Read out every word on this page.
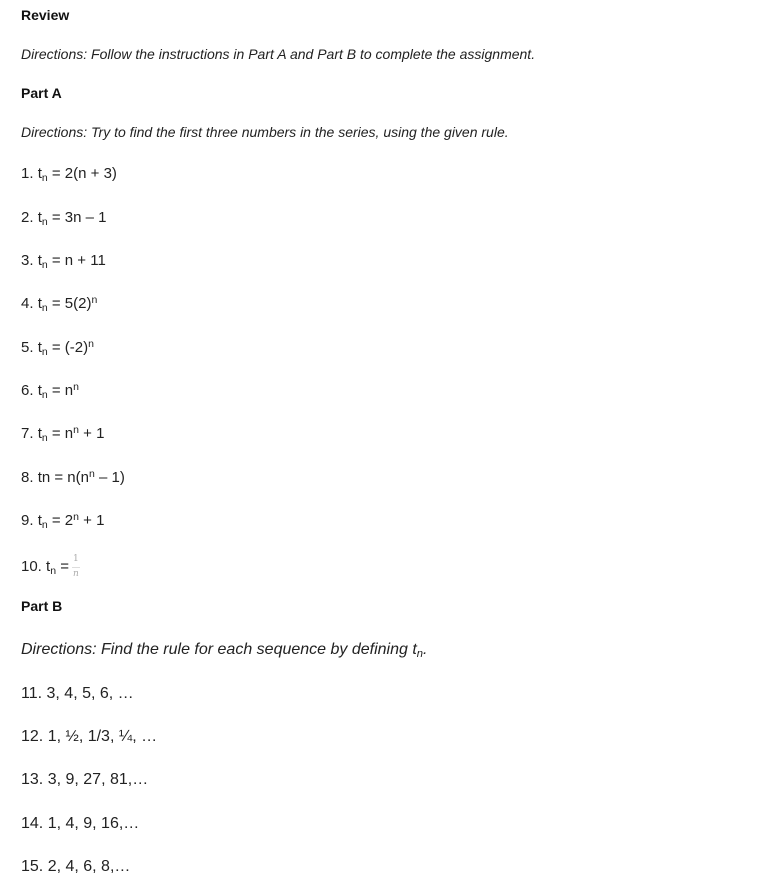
Review
Directions: Follow the instructions in Part A and Part B to complete the assignment.
Part A
Directions: Try to find the first three numbers in the series, using the given rule.
1. $t_n = 2(n + 3)$
2. $t_n = 3n - 1$
3. $t_n = n + 11$
4. $t_n = 5(2)^n$
5. $t_n = (-2)^n$
6. $t_n = n^n$
7. $t_n = n^n + 1$
8. tn = $n(n^n - 1)$
9. $t_n = 2^n + 1$
10. $t_n = \frac{1}{n}$
Part B
Directions: Find the rule for each sequence by defining $t_n$.
11. 3, 4, 5, 6, …
12. 1, ½, 1/3, ¼, …
13. 3, 9, 27, 81,…
14. 1, 4, 9, 16,…
15. 2, 4, 6, 8,…
